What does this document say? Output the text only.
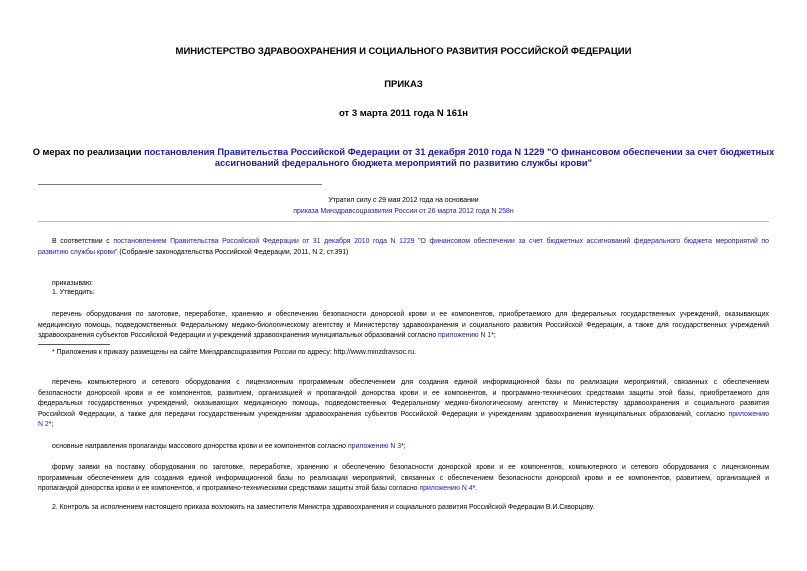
МИНИСТЕРСТВО ЗДРАВООХРАНЕНИЯ И СОЦИАЛЬНОГО РАЗВИТИЯ РОССИЙСКОЙ ФЕДЕРАЦИИ
ПРИКАЗ
от 3 марта 2011 года N 161н
О мерах по реализации постановления Правительства Российской Федерации от 31 декабря 2010 года N 1229 "О финансовом обеспечении за счет бюджетных
ассигнований федерального бюджета мероприятий по развитию службы крови"
Утратил силу с 29 мая 2012 года на основании
приказа Минздравсоцразвития России от 26 марта 2012 года N 258н
В соответствии с постановлением Правительства Российской Федерации от 31 декабря 2010 года N 1229 "О финансовом обеспечении за счет бюджетных ассигнований федерального бюджета мероприятий по
развитию службы крови" (Собрание законодательства Российской Федерации, 2011, N 2, ст.391)
приказываю:
1. Утвердить:
перечень оборудования по заготовке, переработке, хранению и обеспечению безопасности донорской крови и ее компонентов, приобретаемого для федеральных государственных учреждений, оказывающих
медицинскую помощь, подведомственных Федеральному медико-биологическому агентству и Министерству здравоохранения и социального развития Российской Федерации, а также для государственных учреждений
здравоохранения субъектов Российской Федерации и учреждений здравоохранения муниципальных образований согласно приложению N 1*;
* Приложения к приказу размещены на сайте Минздравсоцразвития России по адресу: http://www.minzdravsoc.ru.
перечень компьютерного и сетевого оборудования с лицензионным программным обеспечением для создания единой информационной базы по реализации мероприятий, связанных с обеспечением
безопасности донорской крови и ее компонентов, развитием, организацией и пропагандой донорства крови и ее компонентов, и программно-технических средствами защиты этой базы, приобретаемого для
федеральных государственных учреждений, оказывающих медицинскую помощь, подведомственных Федеральному медико-биологическому агентству и Министерству здравоохранения и социального развития
Российской Федерации, а также для передачи государственным учреждениям здравоохранения субъектов Российской Федерации и учреждениям здравоохранения муниципальных образований, согласно приложению
N 2*;
основные направления пропаганды массового донорства крови и ее компонентов согласно приложению N 3*;
форму заявки на поставку оборудования по заготовке, переработке, хранению и обеспечению безопасности донорской крови и ее компонентов, компьютерного и сетевого оборудования с лицензионным
программным обеспечением для создания единой информационной базы по реализации мероприятий, связанных с обеспечением безопасности донорской крови и ее компонентов, развитием, организацией и
пропагандой донорства крови и ее компонентов, и программно-техническими средствами защиты этой базы согласно приложению N 4*.
2. Контроль за исполнением настоящего приказа возложить на заместителя Министра здравоохранения и социального развития Российской Федерации В.И.Скворцову.
